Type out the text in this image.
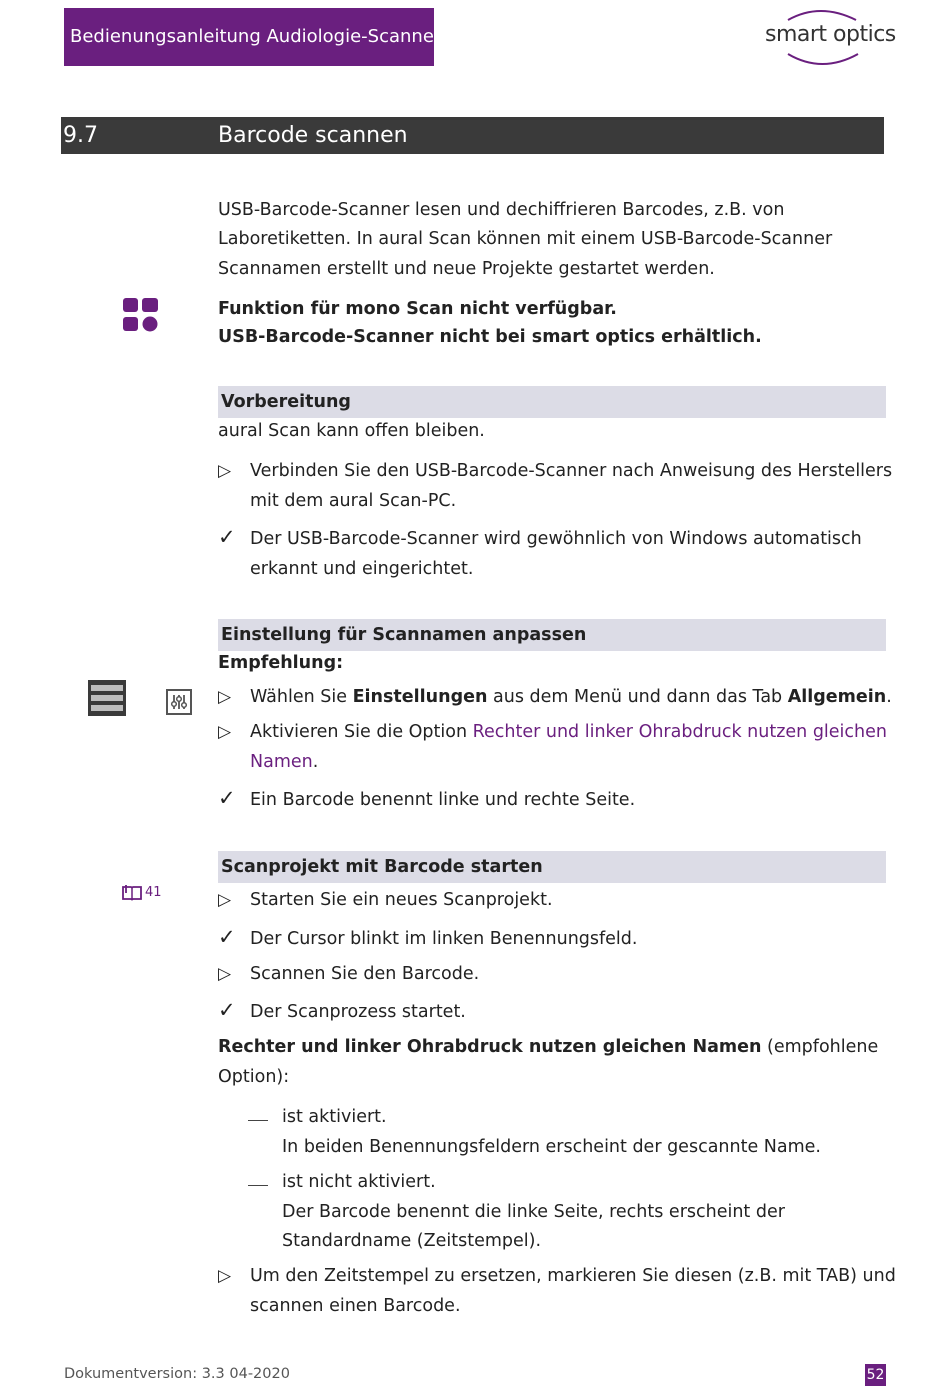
Bedienungsanleitung Audiologie-Scanner	smart optics
9.7	Barcode scannen
USB-Barcode-Scanner lesen und dechiffrieren Barcodes, z.B. von
Laboretiketten. In aural Scan können mit einem USB-Barcode-Scanner
Scannamen erstellt und neue Projekte gestartet werden.
Funktion für mono Scan nicht verfügbar.
USB-Barcode-Scanner nicht bei smart optics erhältlich.
Vorbereitung
aural Scan kann offen bleiben.
▷ Verbinden Sie den USB-Barcode-Scanner nach Anweisung des Herstellers
mit dem aural Scan-PC.
✓ Der USB-Barcode-Scanner wird gewöhnlich von Windows automatisch
erkannt und eingerichtet.
Einstellung für Scannamen anpassen
Empfehlung:
▷ Wählen Sie Einstellungen aus dem Menü und dann das Tab Allgemein.
▷ Aktivieren Sie die Option Rechter und linker Ohrabdruck nutzen gleichen
Namen.
✓ Ein Barcode benennt linke und rechte Seite.
Scanprojekt mit Barcode starten
41	▷ Starten Sie ein neues Scanprojekt.
✓ Der Cursor blinkt im linken Benennungsfeld.
▷ Scannen Sie den Barcode.
✓ Der Scanprozess startet.
Rechter und linker Ohrabdruck nutzen gleichen Namen (empfohlene
Option):
ist aktiviert.
In beiden Benennungsfeldern erscheint der gescannte Name.
ist nicht aktiviert.
Der Barcode benennt die linke Seite, rechts erscheint der
Standardname (Zeitstempel).
▷ Um den Zeitstempel zu ersetzen, markieren Sie diesen (z.B. mit TAB) und
scannen einen Barcode.
Dokumentversion: 3.3 04-2020	52
